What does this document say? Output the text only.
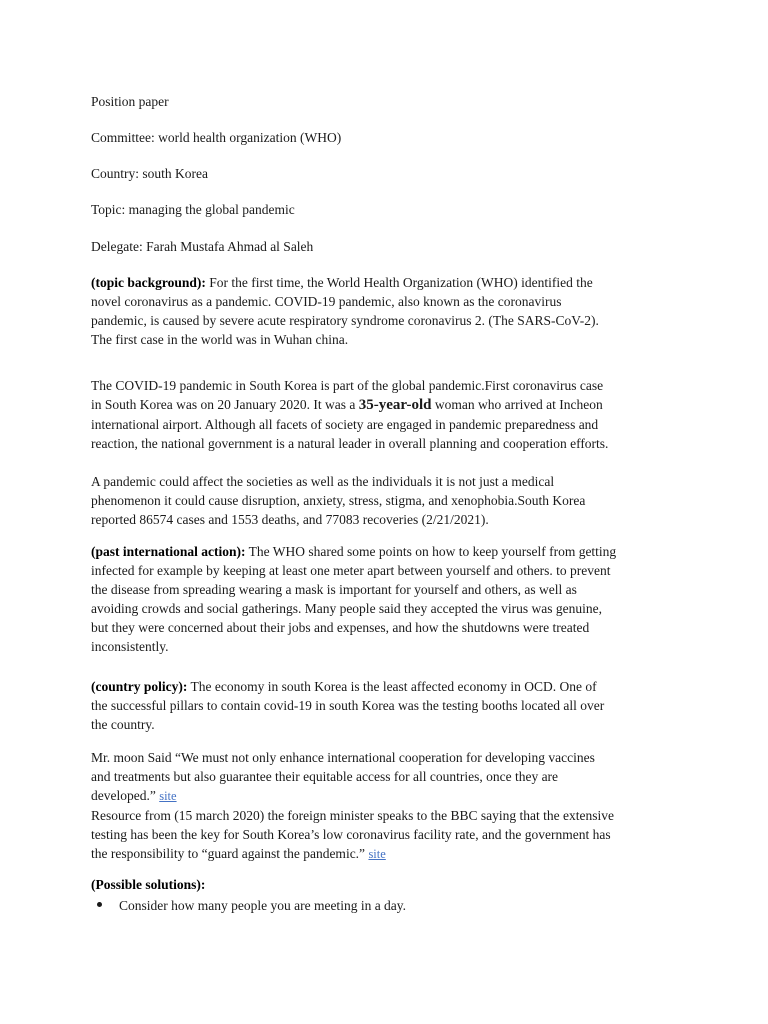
Position paper
Committee: world health organization (WHO)
Country: south Korea
Topic: managing the global pandemic
Delegate: Farah Mustafa Ahmad al Saleh
(topic background): For the first time, the World Health Organization (WHO) identified the
novel coronavirus as a pandemic. COVID-19 pandemic, also known as the coronavirus
pandemic, is caused by severe acute respiratory syndrome coronavirus 2. (The SARS-CoV-2).
The first case in the world was in Wuhan china.
The COVID-19 pandemic in South Korea is part of the global pandemic.First coronavirus case
in South Korea was on 20 January 2020. It was a 35-year-old woman who arrived at Incheon
international airport. Although all facets of society are engaged in pandemic preparedness and
reaction, the national government is a natural leader in overall planning and cooperation efforts.
A pandemic could affect the societies as well as the individuals it is not just a medical
phenomenon it could cause disruption, anxiety, stress, stigma, and xenophobia.South Korea
reported 86574 cases and 1553 deaths, and 77083 recoveries (2/21/2021).
(past international action): The WHO shared some points on how to keep yourself from getting
infected for example by keeping at least one meter apart between yourself and others. to prevent
the disease from spreading wearing a mask is important for yourself and others, as well as
avoiding crowds and social gatherings. Many people said they accepted the virus was genuine,
but they were concerned about their jobs and expenses, and how the shutdowns were treated
inconsistently.
(country policy): The economy in south Korea is the least affected economy in OCD. One of
the successful pillars to contain covid-19 in south Korea was the testing booths located all over
the country.
Mr. moon Said “We must not only enhance international cooperation for developing vaccines
and treatments but also guarantee their equitable access for all countries, once they are
developed.” site
Resource from (15 march 2020) the foreign minister speaks to the BBC saying that the extensive
testing has been the key for South Korea’s low coronavirus facility rate, and the government has
the responsibility to “guard against the pandemic.” site
(Possible solutions):
Consider how many people you are meeting in a day.
